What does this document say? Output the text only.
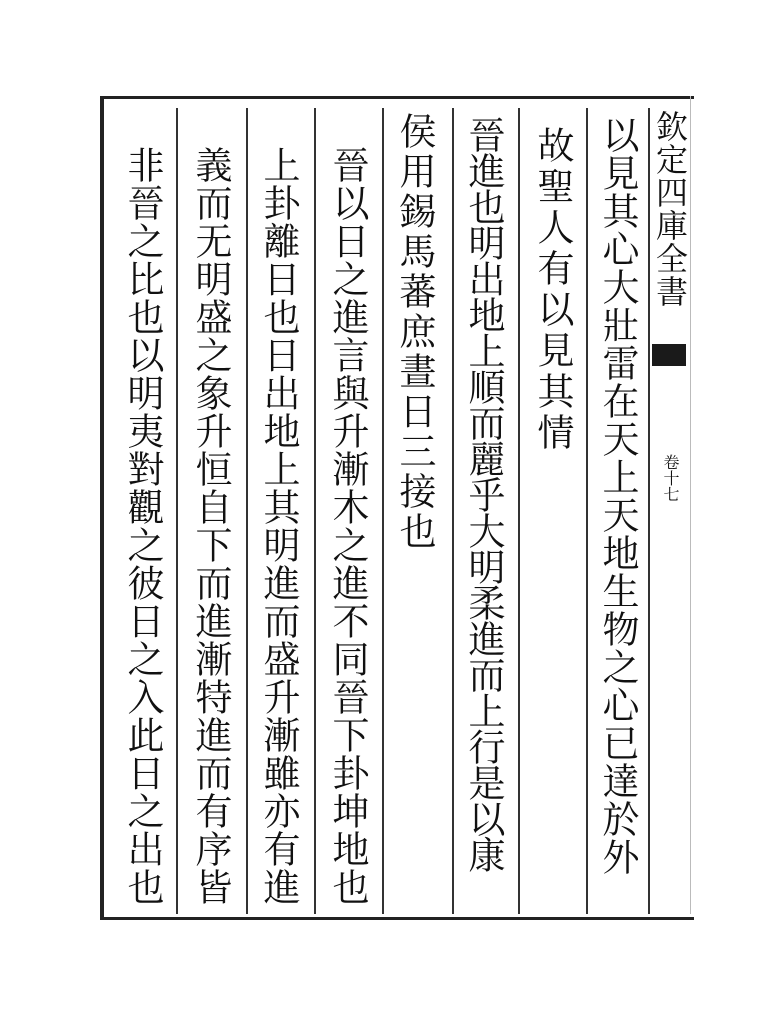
欽定四庫全書
卷十七
以見其心大壯雷在天上天地生物之心已達於外
故聖人有以見其情
晉進也明出地上順而麗乎大明柔進而上行是以康
侯用錫馬蕃庶晝日三接也
晉以日之進言與升漸木之進不同晉下卦坤地也
上卦離日也日出地上其明進而盛升漸雖亦有進
義而无明盛之象升恒自下而進漸特進而有序皆
非晉之比也以明夷對觀之彼日之入此日之出也
